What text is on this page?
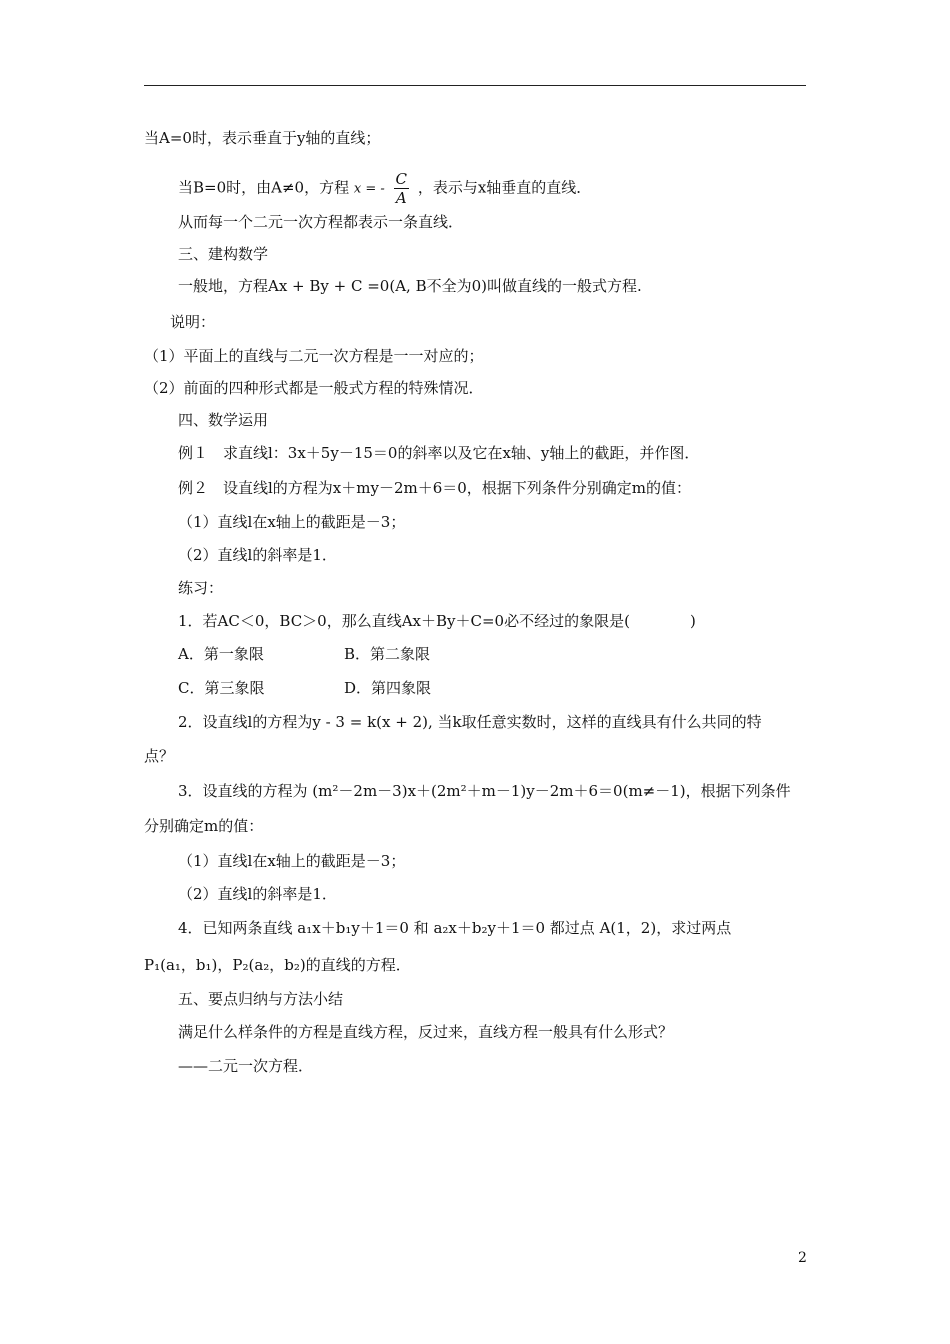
当A=0时，表示垂直于y轴的直线；
当B=0时，由A≠0，方程 x = - $\frac{C}{A}$ ，表示与x轴垂直的直线．
从而每一个二元一次方程都表示一条直线．
三、建构数学
一般地，方程Ax + By + C =0(A, B不全为0)叫做直线的一般式方程.
说明：
（1）平面上的直线与二元一次方程是一一对应的；
（2）前面的四种形式都是一般式方程的特殊情况．
四、数学运用
例１　求直线l：3x＋5y－15＝0的斜率以及它在x轴、y轴上的截距，并作图．
例２　设直线l的方程为x＋my－2m＋6＝0，根据下列条件分别确定m的值：
（1）直线l在x轴上的截距是－3；
（2）直线l的斜率是1．
练习：
1．若AC＜0，BC＞0，那么直线Ax＋By＋C=0必不经过的象限是(	)
A．第一象限	B．第二象限
C．第三象限	D．第四象限
2．设直线l的方程为y - 3 = k(x + 2), 当k取任意实数时，这样的直线具有什么共同的特
点？
3．设直线的方程为 (m²－2m－3)x＋(2m²＋m－1)y－2m＋6＝0(m≠－1)，根据下列条件
分别确定m的值：
（1）直线l在x轴上的截距是－3；
（2）直线l的斜率是1．
4．已知两条直线 a₁x＋b₁y＋1＝0 和 a₂x＋b₂y＋1＝0 都过点 A(1，2)，求过两点
P₁(a₁，b₁)，P₂(a₂，b₂)的直线的方程．
五、要点归纳与方法小结
满足什么样条件的方程是直线方程，反过来，直线方程一般具有什么形式？
——二元一次方程．
2
